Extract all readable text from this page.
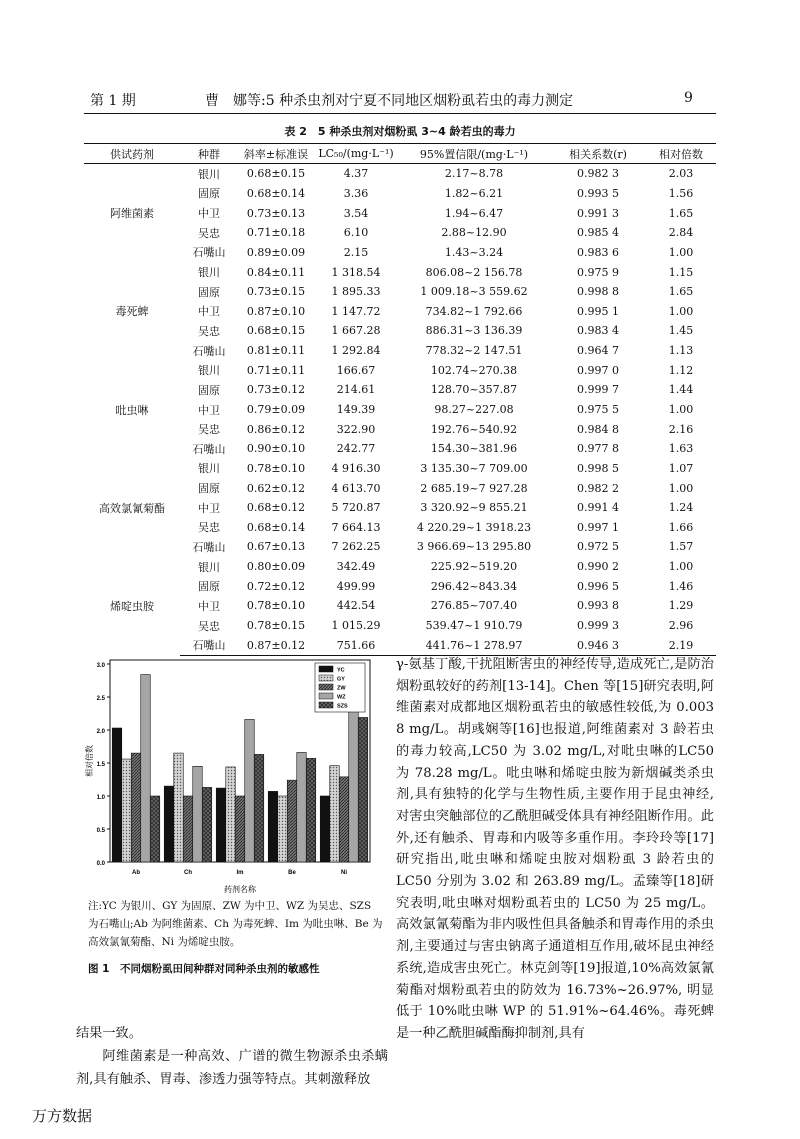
第 1 期	曹　娜等:5 种杀虫剂对宁夏不同地区烟粉虱若虫的毒力测定	9
表 2　5 种杀虫剂对烟粉虱 3~4 龄若虫的毒力
供试药剂	种群	斜率±标准误	LC₅₀/(mg·L⁻¹)	95%置信限/(mg·L⁻¹)	相关系数(r)	相对倍数
阿维菌素	银川	0.68±0.15	4.37	2.17~8.78	0.982 3	2.03
	固原	0.68±0.14	3.36	1.82~6.21	0.993 5	1.56
	中卫	0.73±0.13	3.54	1.94~6.47	0.991 3	1.65
	吴忠	0.71±0.18	6.10	2.88~12.90	0.985 4	2.84
	石嘴山	0.89±0.09	2.15	1.43~3.24	0.983 6	1.00
毒死蜱	银川	0.84±0.11	1 318.54	806.08~2 156.78	0.975 9	1.15
	固原	0.73±0.15	1 895.33	1 009.18~3 559.62	0.998 8	1.65
	中卫	0.87±0.10	1 147.72	734.82~1 792.66	0.995 1	1.00
	吴忠	0.68±0.15	1 667.28	886.31~3 136.39	0.983 4	1.45
	石嘴山	0.81±0.11	1 292.84	778.32~2 147.51	0.964 7	1.13
吡虫啉	银川	0.71±0.11	166.67	102.74~270.38	0.997 0	1.12
	固原	0.73±0.12	214.61	128.70~357.87	0.999 7	1.44
	中卫	0.79±0.09	149.39	98.27~227.08	0.975 5	1.00
	吴忠	0.86±0.12	322.90	192.76~540.92	0.984 8	2.16
	石嘴山	0.90±0.10	242.77	154.30~381.96	0.977 8	1.63
高效氯氰菊酯	银川	0.78±0.10	4 916.30	3 135.30~7 709.00	0.998 5	1.07
	固原	0.62±0.12	4 613.70	2 685.19~7 927.28	0.982 2	1.00
	中卫	0.68±0.12	5 720.87	3 320.92~9 855.21	0.991 4	1.24
	吴忠	0.68±0.14	7 664.13	4 220.29~1 3918.23	0.997 1	1.66
	石嘴山	0.67±0.13	7 262.25	3 966.69~13 295.80	0.972 5	1.57
烯啶虫胺	银川	0.80±0.09	342.49	225.92~519.20	0.990 2	1.00
	固原	0.72±0.12	499.99	296.42~843.34	0.996 5	1.46
	中卫	0.78±0.10	442.54	276.85~707.40	0.993 8	1.29
	吴忠	0.78±0.15	1 015.29	539.47~1 910.79	0.999 3	2.96
	石嘴山	0.87±0.12	751.66	441.76~1 278.97	0.946 3	2.19
0.0
0.5
1.0
1.5
2.0
2.5
3.0
Ab	Ch	Im	Be	Ni
相对倍数
药剂名称
YC
GY
ZW
WZ
SZS
注:YC 为银川、GY 为固原、ZW 为中卫、WZ 为吴忠、SZS 为石嘴山;Ab 为阿维菌素、Ch 为毒死蜱、Im 为吡虫啉、Be 为高效氯氰菊酯、Ni 为烯啶虫胺。
图 1　不同烟粉虱田间种群对同种杀虫剂的敏感性

γ-氨基丁酸,干扰阻断害虫的神经传导,造成死亡,是防治烟粉虱较好的药剂[13-14]。Chen 等[15]研究表明,阿维菌素对成都地区烟粉虱若虫的敏感性较低,为 0.003 8 mg/L。胡彧娴等[16]也报道,阿维菌素对 3 龄若虫的毒力较高,LC50 为 3.02 mg/L,对吡虫啉的LC50 为 78.28 mg/L。吡虫啉和烯啶虫胺为新烟碱类杀虫剂,具有独特的化学与生物性质,主要作用于昆虫神经, 对害虫突触部位的乙酰胆碱受体具有神经阻断作用。此外,还有触杀、胃毒和内吸等多重作用。李玲玲等[17]研究指出,吡虫啉和烯啶虫胺对烟粉虱 3 龄若虫的 LC50 分别为 3.02 和 263.89 mg/L。孟臻等[18]研究表明,吡虫啉对烟粉虱若虫的 LC50 为 25 mg/L。高效氯氰菊酯为非内吸性但具备触杀和胃毒作用的杀虫剂,主要通过与害虫钠离子通道相互作用,破坏昆虫神经系统,造成害虫死亡。林克剑等[19]报道,10%高效氯氰菊酯对烟粉虱若虫的防效为 16.73%~26.97%, 明显低于 10%吡虫啉 WP 的 51.91%~64.46%。毒死蜱是一种乙酰胆碱酯酶抑制剂,具有

结果一致。

阿维菌素是一种高效、广谱的微生物源杀虫杀螨剂,具有触杀、胃毒、渗透力强等特点。其刺激释放

万方数据
